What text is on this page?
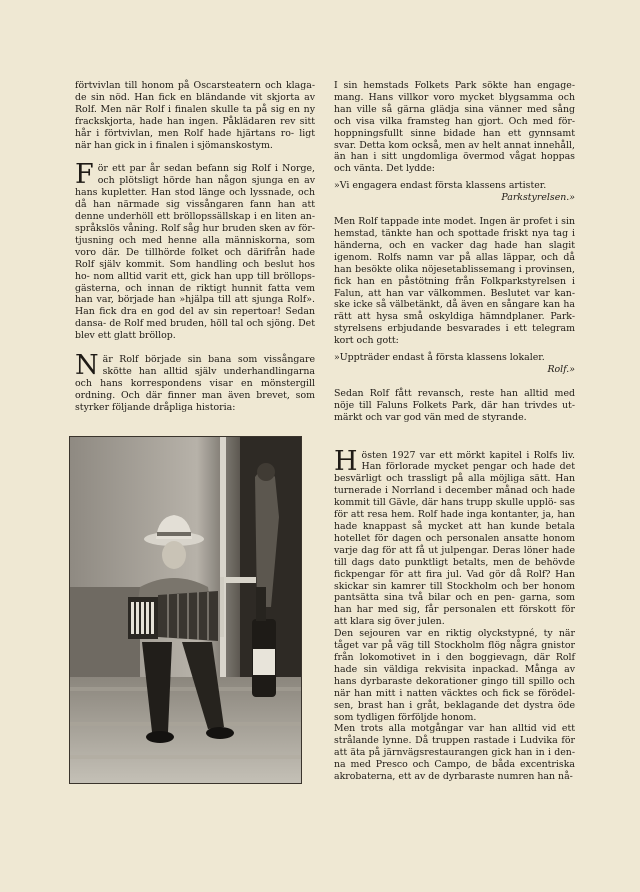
förtvivlan till honom på Oscarsteatern och klaga- de sin nöd. Han fick en bländande vit skjorta av Rolf. Men när Rolf i finalen skulle ta på sig en ny frackskjorta, hade han ingen. Påklädaren rev sitt hår i förtvivlan, men Rolf hade hjärtans ro- ligt när han gick in i finalen i sjömanskostym.

För ett par år sedan befann sig Rolf i Norge, och plötsligt hörde han någon sjunga en av hans kupletter. Han stod länge och lyssnade, och då han närmade sig vissångaren fann han att denne underhöll ett bröllopssällskap i en liten an- språkslös våning. Rolf såg hur bruden sken av för- tjusning och med henne alla människorna, som voro där. De tillhörde folket och därifrån hade Rolf själv kommit. Som handling och beslut hos ho- nom alltid varit ett, gick han upp till bröllops- gästerna, och innan de riktigt hunnit fatta vem han var, började han »hjälpa till att sjunga Rolf». Han fick dra en god del av sin repertoar! Sedan dansa- de Rolf med bruden, höll tal och sjöng. Det blev ett glatt bröllop.

När Rolf började sin bana som vissångare skötte han alltid själv underhandlingarna och hans korrespondens visar en mönstergill ordning. Och där finner man även brevet, som styrker följande dråpliga historia:

I sin hemstads Folkets Park sökte han engage- mang. Hans villkor voro mycket blygsamma och han ville så gärna glädja sina vänner med sång och visa vilka framsteg han gjort. Och med för- hoppningsfullt sinne bidade han ett gynnsamt svar. Detta kom också, men av helt annat innehåll, än han i sitt ungdomliga övermod vågat hoppas och vänta. Det lydde:

»Vi engagera endast första klassens artister.

Parkstyrelsen.»

Men Rolf tappade inte modet. Ingen är profet i sin hemstad, tänkte han och spottade friskt nya tag i händerna, och en vacker dag hade han slagit igenom. Rolfs namn var på allas läppar, och då han besökte olika nöjesetablissemang i provinsen, fick han en påstötning från Folkparkstyrelsen i Falun, att han var välkommen. Beslutet var kan- ske icke så välbetänkt, då även en sångare kan ha rätt att hysa små oskyldiga hämndplaner. Park- styrelsens erbjudande besvarades i ett telegram kort och gott:

»Uppträder endast å första klassens lokaler.

Rolf.»

Sedan Rolf fått revansch, reste han alltid med nöje till Faluns Folkets Park, där han trivdes ut- märkt och var god vän med de styrande.

Hösten 1927 var ett mörkt kapitel i Rolfs liv. Han förlorade mycket pengar och hade det besvärligt och trassligt på alla möjliga sätt. Han turnerade i Norrland i december månad och hade kommit till Gävle, där hans trupp skulle upplö- sas för att resa hem. Rolf hade inga kontanter, ja, han hade knappast så mycket att han kunde betala hotellet för dagen och personalen ansatte honom varje dag för att få ut julpengar. Deras löner hade till dags dato punktligt betalts, men de behövde fickpengar för att fira jul. Vad gör då Rolf? Han skickar sin kamrer till Stockholm och ber honom pantsätta sina två bilar och en pen- garna, som han har med sig, får personalen ett förskott för att klara sig över julen.

Den sejouren var en riktig olyckstурné, ty när tåget var på väg till Stockholm flög några gnistor från lokomotivet in i den boggievagn, där Rolf hade sin väldiga rekvisita inpackad. Många av hans dyrbaraste dekorationer gingo till spillo och när han mitt i natten väcktes och fick se förödel- sen, brast han i gråt, beklagande det dystra öde som tydligen förföljde honom.

Men trots alla motgångar var han alltid vid ett strålande lynne. Då truppen rastade i Ludvika för att äta på järnvägsrestaurangen gick han in i den- na med Presco och Campo, de båda excentriska akrobaterna, ett av de dyrbaraste numren han nå-
